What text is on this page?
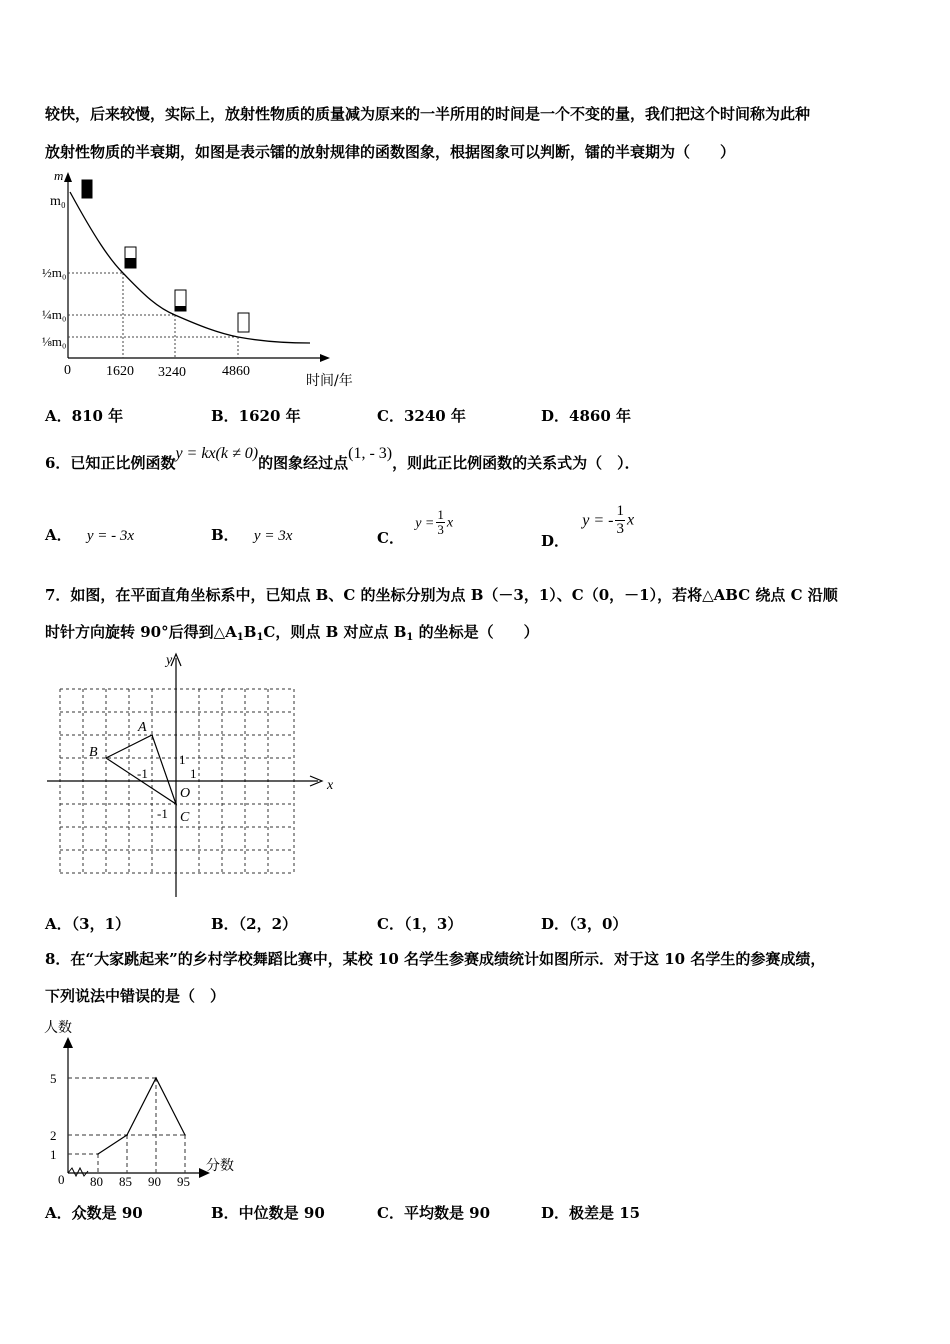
较快，后来较慢，实际上，放射性物质的质量减为原来的一半所用的时间是一个不变的量，我们把这个时间称为此种
放射性物质的半衰期，如图是表示镭的放射规律的函数图象，根据图象可以判断，镭的半衰期为（　　）
m
m₀
½m₀
¼m₀
⅛m₀
0	1620 3240	4860
时间/年
A．810 年	B．1620 年	C．3240 年	D．4860 年
6．已知正比例函数y = kx(k ≠ 0)的图象经过点(1, - 3)，则此正比例函数的关系式为（　）．
A． y = - 3x	B． y = 3x	C． $y = \frac{1}{3}$ x
D． y = - $\frac{1}{3}$ x
7．如图，在平面直角坐标系中，已知点 B、C 的坐标分别为点 B（－3，1）、C（0，－1），若将△ABC 绕点 C 沿顺
时针方向旋转 90°后得到$\triangle A_1B_1C$，则点 B 对应点 $B_1$ 的坐标是（　　）
y
x
A
B
O
C
1
1
-1
-1
A．（3，1）	B．（2，2）	C．（1，3）	D．（3，0）
8．在“大家跳起来”的乡村学校舞蹈比赛中，某校 10 名学生参赛成绩统计如图所示．对于这 10 名学生的参赛成绩，
下列说法中错误的是（　）
80 85 90 95
1
2
5
人数
分数
0
A．众数是 90	B．中位数是 90	C．平均数是 90	D．极差是 15
